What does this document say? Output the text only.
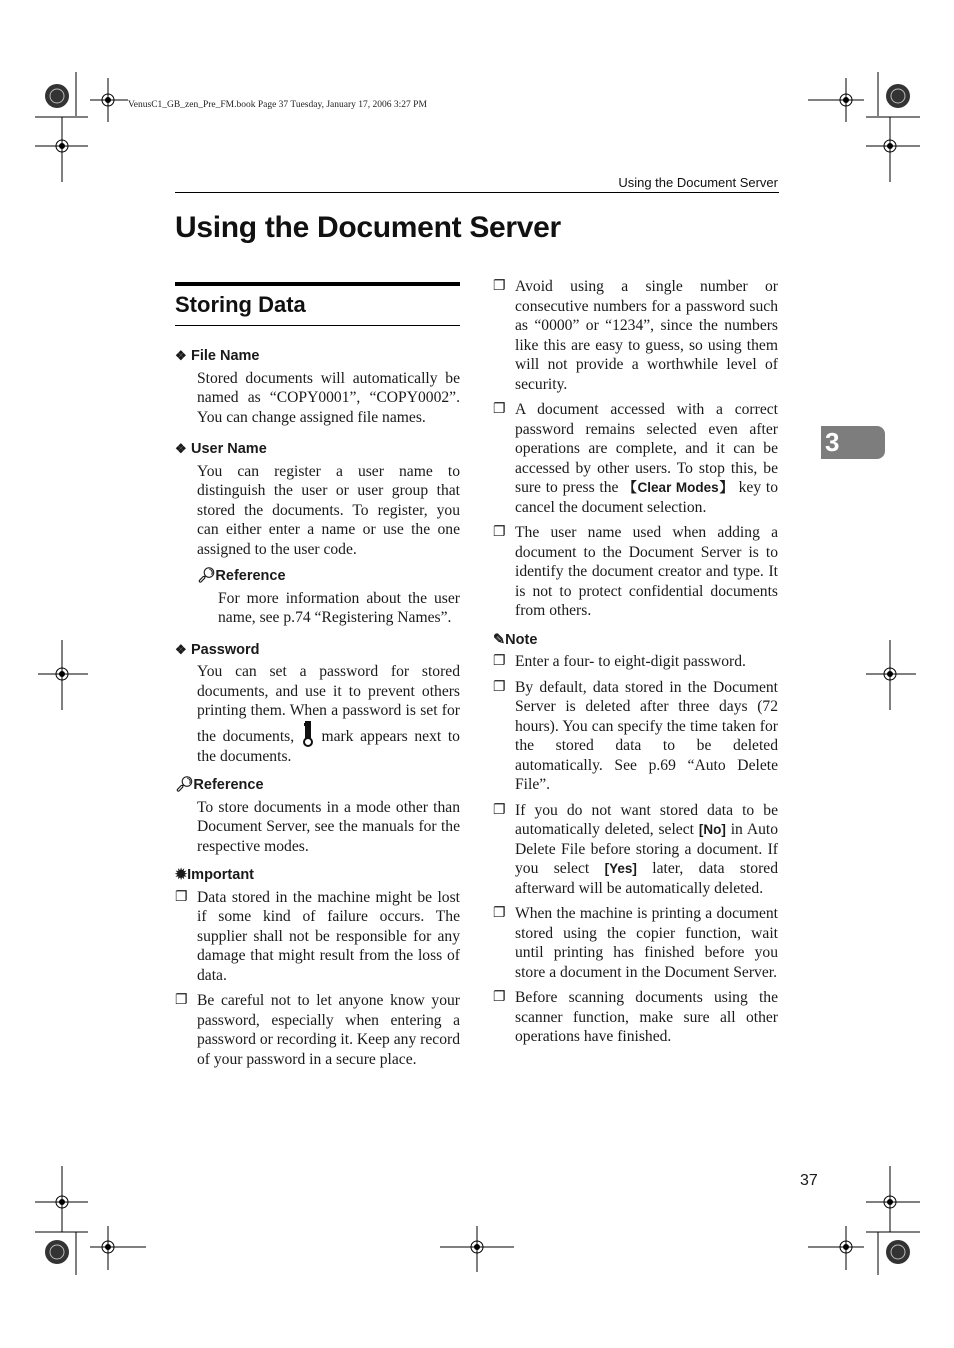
VenusC1_GB_zen_Pre_FM.book Page 37 Tuesday, January 17, 2006 3:27 PM
Using the Document Server
Using the Document Server
Storing Data
3
❖ File Name
Stored documents will automatically be named as “COPY0001”, “COPY0002”. You can change assigned file names.
❖ User Name
You can register a user name to distinguish the user or user group that stored the documents. To register, you can either enter a name or use the one assigned to the user code.
🔎︎Reference
For more information about the user name, see p.74 “Registering Names”.
❖ Password
You can set a password for stored documents, and use it to prevent others printing them. When a password is set for the documents, mark appears next to the documents.
🔎︎Reference
To store documents in a mode other than Document Server, see the manuals for the respective modes.
✹Important
❐ Data stored in the machine might be lost if some kind of failure occurs. The supplier shall not be responsible for any damage that might result from the loss of data.
❐ Be careful not to let anyone know your password, especially when entering a password or recording it. Keep any record of your password in a secure place.
❐ Avoid using a single number or consecutive numbers for a password such as “0000” or “1234”, since the numbers like this are easy to guess, so using them will not provide a worthwhile level of security.
❐ A document accessed with a correct password remains selected even after operations are complete, and it can be accessed by other users. To stop this, be sure to press the 【Clear Modes】 key to cancel the document selection.
❐ The user name used when adding a document to the Document Server is to identify the document creator and type. It is not to protect confidential documents from others.
✎Note
❐ Enter a four- to eight-digit password.
❐ By default, data stored in the Document Server is deleted after three days (72 hours). You can specify the time taken for the stored data to be deleted automatically. See p.69 “Auto Delete File”.
❐ If you do not want stored data to be automatically deleted, select [No] in Auto Delete File before storing a document. If you select [Yes] later, data stored afterward will be automatically deleted.
❐ When the machine is printing a document stored using the copier function, wait until printing has finished before you store a document in the Document Server.
❐ Before scanning documents using the scanner function, make sure all other operations have finished.
37
